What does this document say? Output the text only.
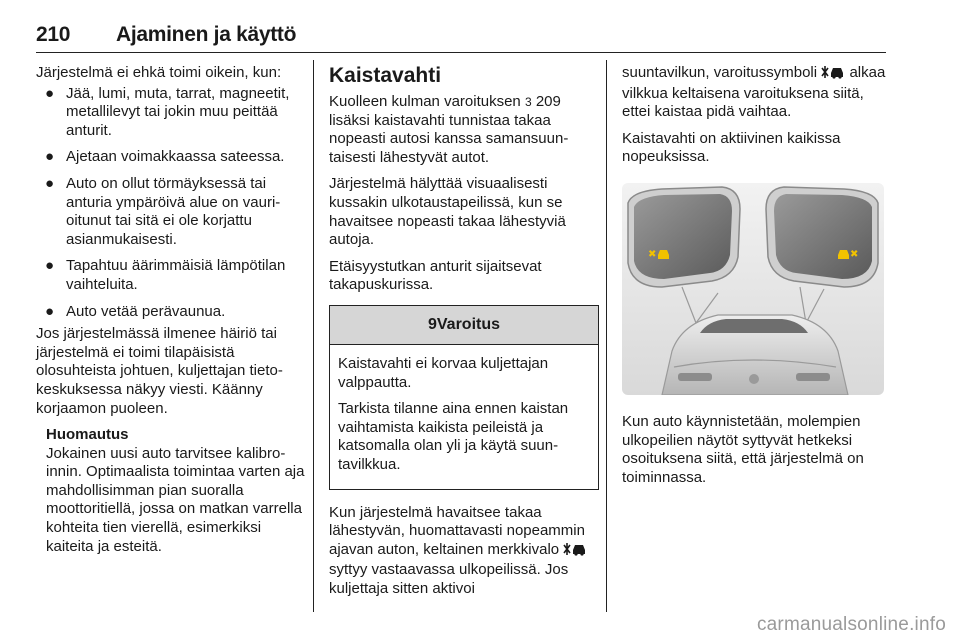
210 Ajaminen ja käyttö
Järjestelmä ei ehkä toimi oikein, kun:
● Jää, lumi, muta, tarrat, magneetit, metallilevyt tai jokin muu peittää anturit.
● Ajetaan voimakkaassa sateessa.
● Auto on ollut törmäyksessä tai anturia ympäröivä alue on vaurioitunut tai sitä ei ole korjattu asianmukaisesti.
● Tapahtuu äärimmäisiä lämpötilan vaihteluita.
● Auto vetää perävaunua.
Jos järjestelmässä ilmenee häiriö tai järjestelmä ei toimi tilapäisistä olosuhteista johtuen, kuljettajan tietokeskuksessa näkyy viesti. Käänny korjaamon puoleen.
Huomautus
Jokainen uusi auto tarvitsee kalibroinnin. Optimaalista toimintaa varten aja mahdollisimman pian suoralla moottoritiellä, jossa on matkan varrella kohteita tien vierellä, esimerkiksi kaiteita ja esteitä.
Kaistavahti
Kuolleen kulman varoituksen 3 209 lisäksi kaistavahti tunnistaa takaa nopeasti autosi kanssa samansuuntaisesti lähestyvät autot.
Järjestelmä hälyttää visuaalisesti kussakin ulkotaustapeilissä, kun se havaitsee nopeasti takaa lähestyviä autoja.
Etäisyystutkan anturit sijaitsevat takapuskurissa.
9 Varoitus
Kaistavahti ei korvaa kuljettajan valppautta.
Tarkista tilanne aina ennen kaistan vaihtamista kaikista peileistä ja katsomalla olan yli ja käytä suuntavilkkua.
Kun järjestelmä havaitsee takaa lähestyvän, huomattavasti nopeammin ajavan auton, keltainen merkkivalo  syttyy vastaavassa ulkopeilissä. Jos kuljettaja sitten aktivoi
suuntavilkun, varoitussymboli alkaa vilkkua keltaisena varoituksena siitä, ettei kaistaa pidä vaihtaa.
Kaistavahti on aktiivinen kaikissa nopeuksissa.
✖	✖
Kun auto käynnistetään, molempien ulkopeilien näytöt syttyvät hetkeksi osoituksena siitä, että järjestelmä on toiminnassa.
carmanualsonline.info
